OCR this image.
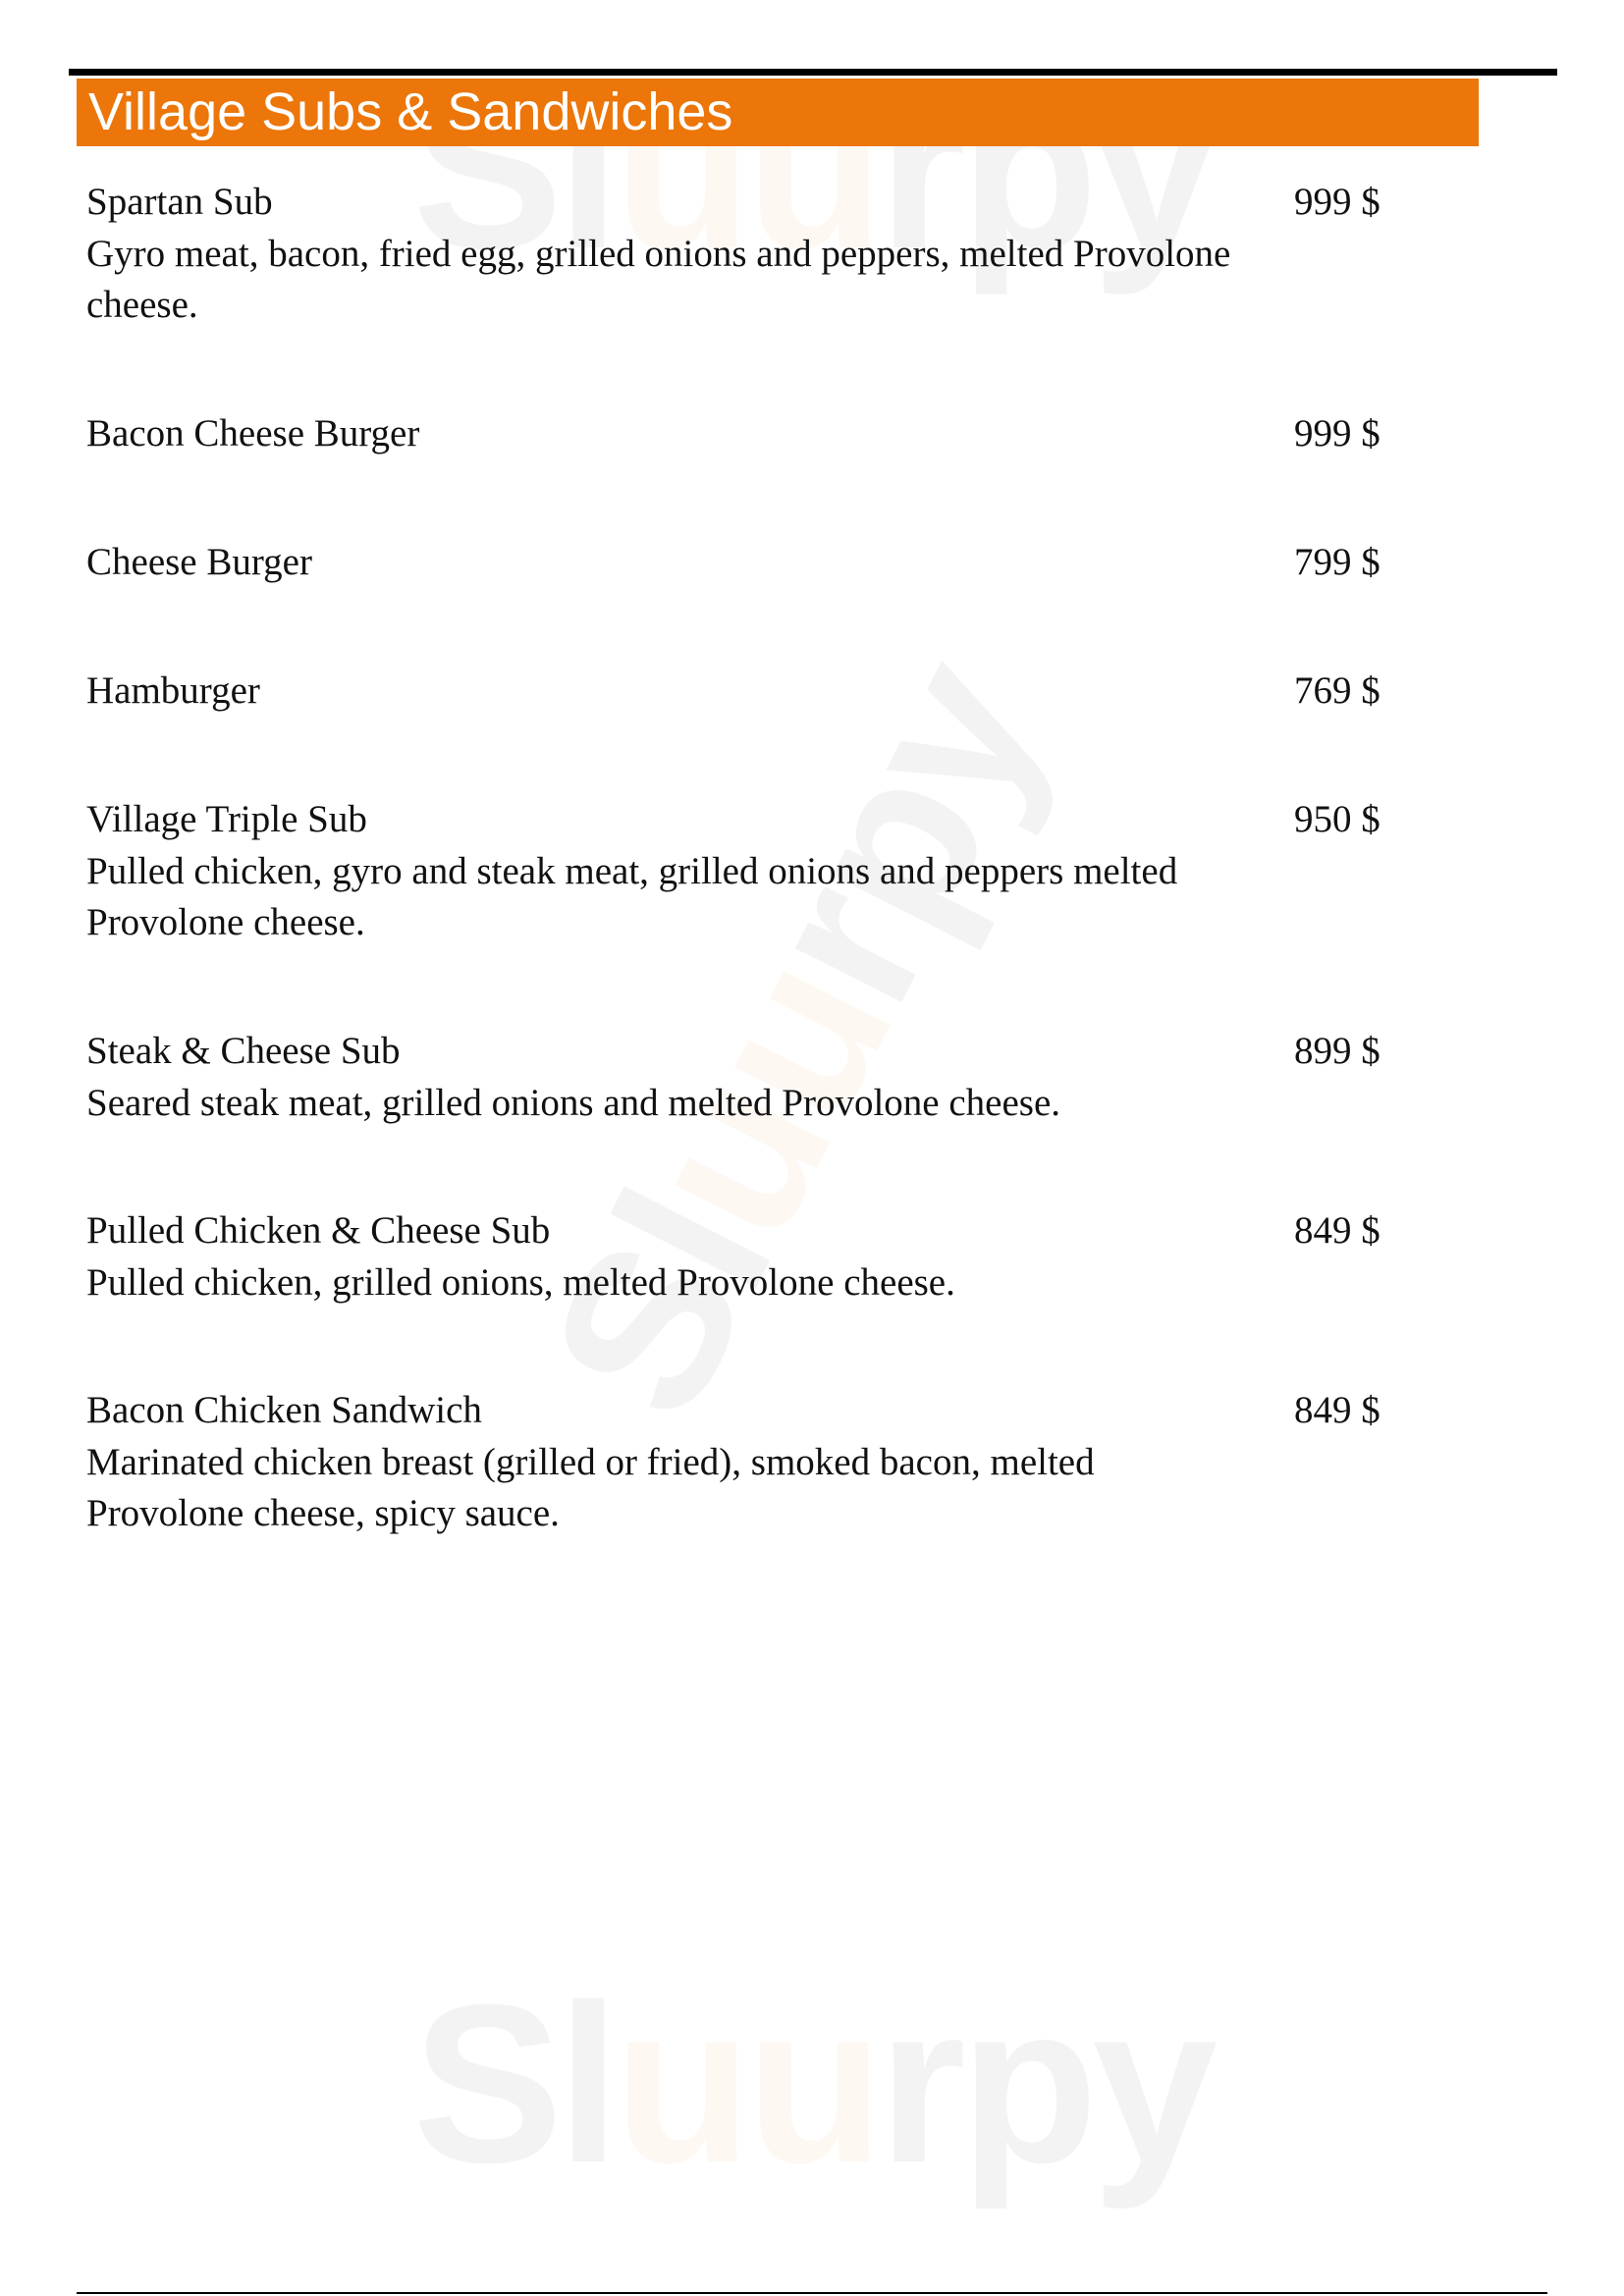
Village Subs & Sandwiches
Spartan Sub
Gyro meat, bacon, fried egg, grilled onions and peppers, melted Provolone cheese.
999 $
Bacon Cheese Burger	999 $
Cheese Burger	799 $
Hamburger	769 $
Village Triple Sub
Pulled chicken, gyro and steak meat, grilled onions and peppers melted Provolone cheese.
950 $
Steak & Cheese Sub
Seared steak meat, grilled onions and melted Provolone cheese.
899 $
Pulled Chicken & Cheese Sub
Pulled chicken, grilled onions, melted Provolone cheese.
849 $
Bacon Chicken Sandwich
Marinated chicken breast (grilled or fried), smoked bacon, melted Provolone cheese, spicy sauce.
849 $
